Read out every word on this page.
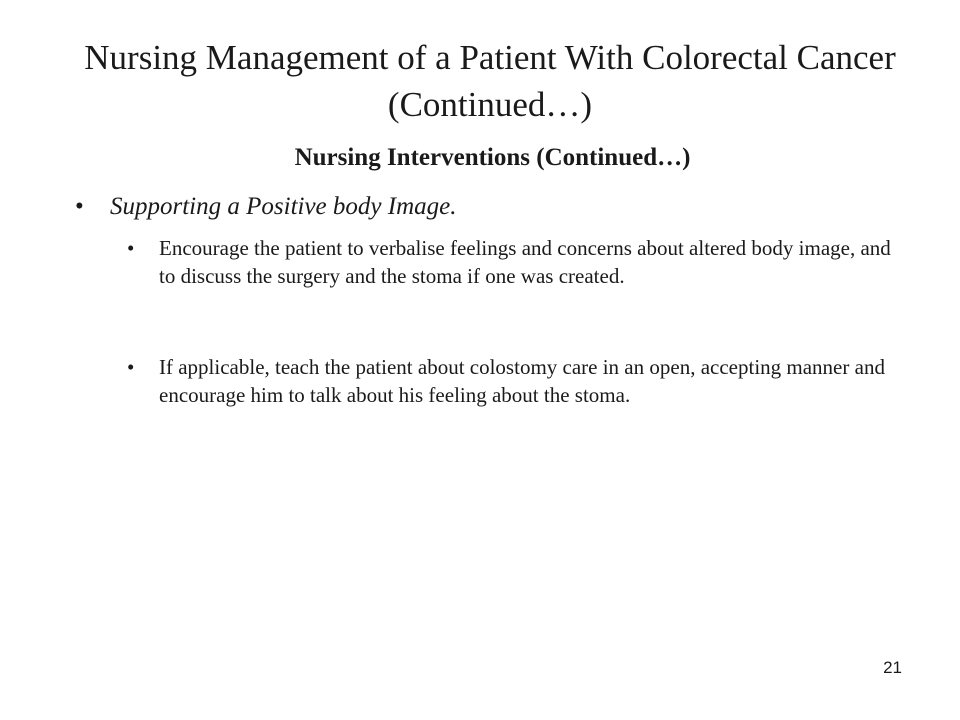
Nursing Management of a Patient With Colorectal Cancer (Continued…)
Nursing Interventions (Continued…)
• Supporting a Positive body Image.
• Encourage the patient to verbalise feelings and concerns about altered body image, and to discuss the surgery and the stoma if one was created.
• If applicable, teach the patient about colostomy care in an open, accepting manner and encourage him to talk about his feeling about the stoma.
21
